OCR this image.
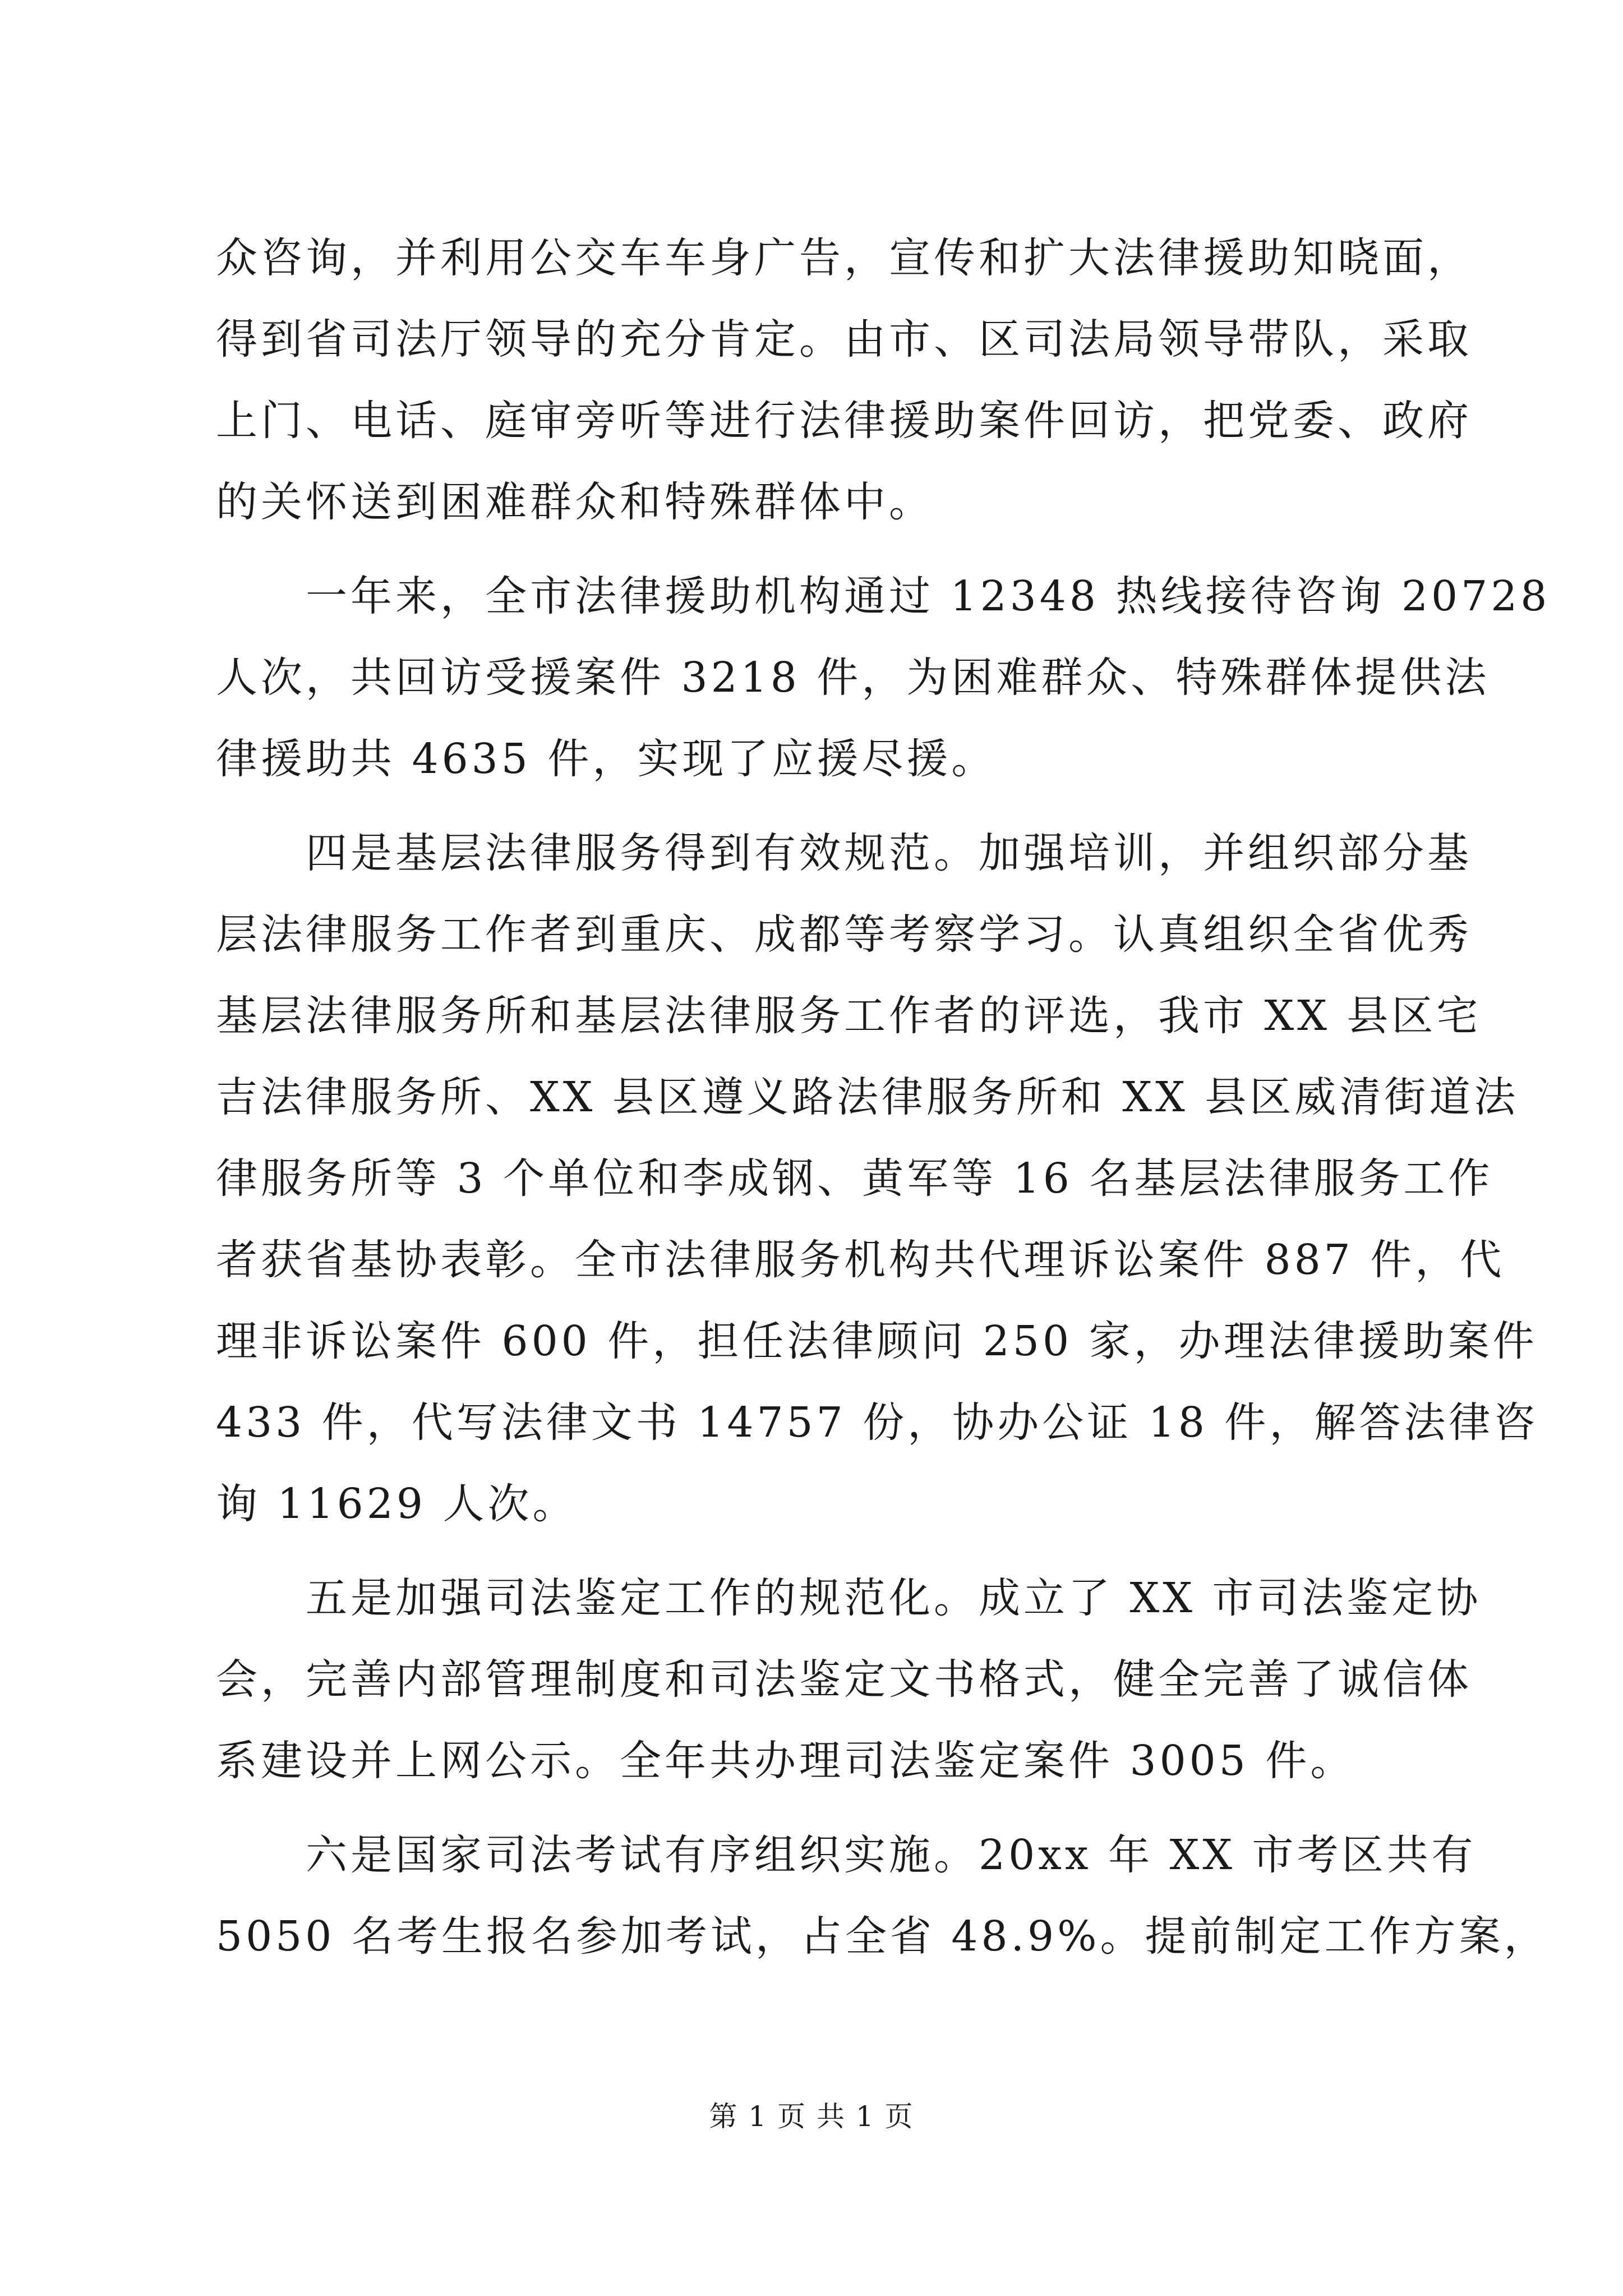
众咨询，并利用公交车车身广告，宣传和扩大法律援助知晓面，
得到省司法厅领导的充分肯定。由市、区司法局领导带队，采取
上门、电话、庭审旁听等进行法律援助案件回访，把党委、政府
的关怀送到困难群众和特殊群体中。
　　一年来，全市法律援助机构通过 12348 热线接待咨询 20728
人次，共回访受援案件 3218 件，为困难群众、特殊群体提供法
律援助共 4635 件，实现了应援尽援。
　　四是基层法律服务得到有效规范。加强培训，并组织部分基
层法律服务工作者到重庆、成都等考察学习。认真组织全省优秀
基层法律服务所和基层法律服务工作者的评选，我市 XX 县区宅
吉法律服务所、XX 县区遵义路法律服务所和 XX 县区威清街道法
律服务所等 3 个单位和李成钢、黄军等 16 名基层法律服务工作
者获省基协表彰。全市法律服务机构共代理诉讼案件 887 件，代
理非诉讼案件 600 件，担任法律顾问 250 家，办理法律援助案件
433 件，代写法律文书 14757 份，协办公证 18 件，解答法律咨
询 11629 人次。
　　五是加强司法鉴定工作的规范化。成立了 XX 市司法鉴定协
会，完善内部管理制度和司法鉴定文书格式，健全完善了诚信体
系建设并上网公示。全年共办理司法鉴定案件 3005 件。
　　六是国家司法考试有序组织实施。20xx 年 XX 市考区共有
5050 名考生报名参加考试，占全省 48.9%。提前制定工作方案，
第 1 页 共 1 页
